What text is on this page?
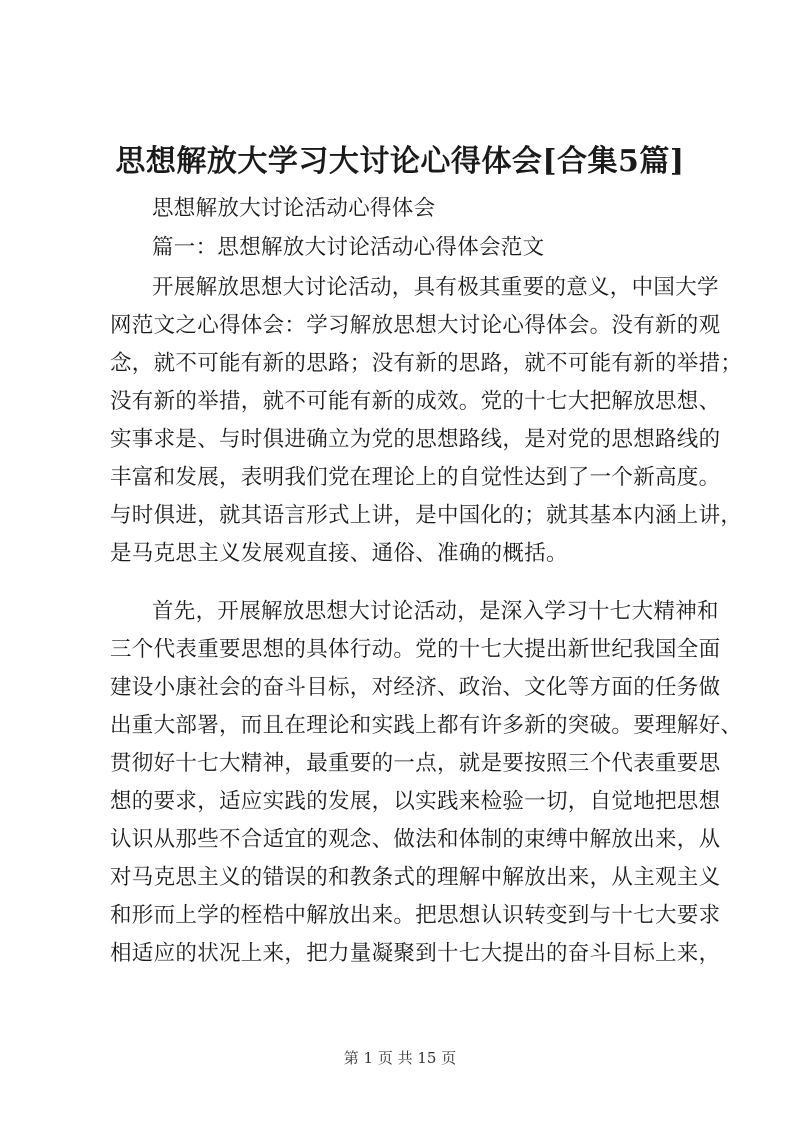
思想解放大学习大讨论心得体会[合集5篇]

思想解放大讨论活动心得体会

篇一：思想解放大讨论活动心得体会范文

开展解放思想大讨论活动，具有极其重要的意义，中国大学

网范文之心得体会：学习解放思想大讨论心得体会。没有新的观

念，就不可能有新的思路；没有新的思路，就不可能有新的举措；

没有新的举措，就不可能有新的成效。党的十七大把解放思想、

实事求是、与时俱进确立为党的思想路线，是对党的思想路线的

丰富和发展，表明我们党在理论上的自觉性达到了一个新高度。

与时俱进，就其语言形式上讲，是中国化的；就其基本内涵上讲，

是马克思主义发展观直接、通俗、准确的概括。

首先，开展解放思想大讨论活动，是深入学习十七大精神和

三个代表重要思想的具体行动。党的十七大提出新世纪我国全面

建设小康社会的奋斗目标，对经济、政治、文化等方面的任务做

出重大部署，而且在理论和实践上都有许多新的突破。要理解好、

贯彻好十七大精神，最重要的一点，就是要按照三个代表重要思

想的要求，适应实践的发展，以实践来检验一切，自觉地把思想

认识从那些不合适宜的观念、做法和体制的束缚中解放出来，从

对马克思主义的错误的和教条式的理解中解放出来，从主观主义

和形而上学的桎梏中解放出来。把思想认识转变到与十七大要求

相适应的状况上来，把力量凝聚到十七大提出的奋斗目标上来，

第 1 页 共 15 页
